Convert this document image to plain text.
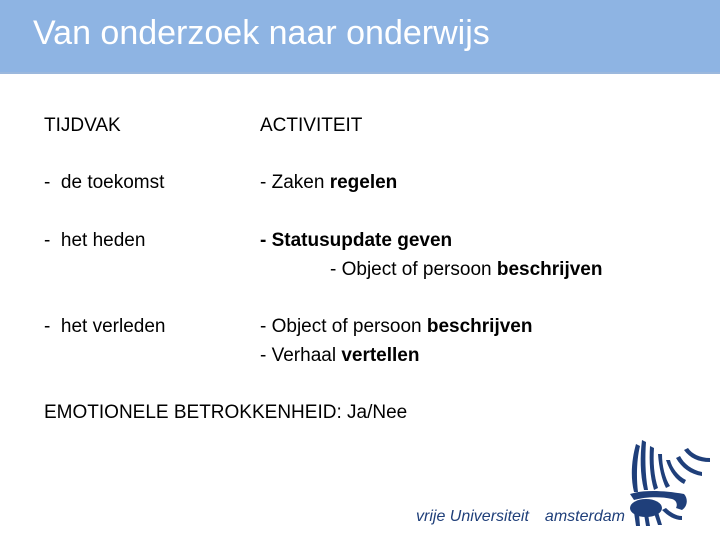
Van onderzoek naar onderwijs
TIJDVAK	ACTIVITEIT
-  de toekomst	- Zaken regelen
-  het heden	- Statusupdate geven
- Object of persoon beschrijven
-  het verleden	- Object of persoon beschrijven
- Verhaal vertellen
EMOTIONELE BETROKKENHEID: Ja/Nee
vrije Universiteit amsterdam
